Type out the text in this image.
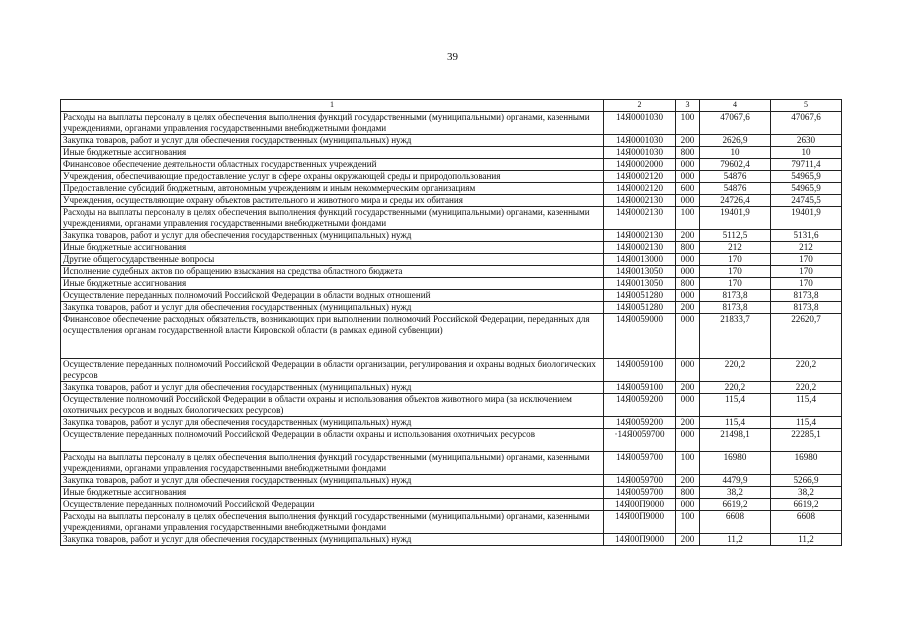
39
1	2	3	4	5
Расходы на выплаты персоналу в целях обеспечения выполнения функций государственными (муниципальными) органами, казенными учреждениями, органами управления государственными внебюджетными фондами	14Я0001030	100	47067,6	47067,6
Закупка товаров, работ и услуг для обеспечения государственных (муниципальных) нужд	14Я0001030	200	2626,9	2630
Иные бюджетные ассигнования	14Я0001030	800	10	10
Финансовое обеспечение деятельности областных государственных учреждений	14Я0002000	000	79602,4	79711,4
Учреждения, обеспечивающие предоставление услуг в сфере охраны окружающей среды и природопользования	14Я0002120	000	54876	54965,9
Предоставление субсидий бюджетным, автономным учреждениям и иным некоммерческим организациям	14Я0002120	600	54876	54965,9
Учреждения, осуществляющие охрану объектов растительного и животного мира и среды их обитания	14Я0002130	000	24726,4	24745,5
Расходы на выплаты персоналу в целях обеспечения выполнения функций государственными (муниципальными) органами, казенными учреждениями, органами управления государственными внебюджетными фондами	14Я0002130	100	19401,9	19401,9
Закупка товаров, работ и услуг для обеспечения государственных (муниципальных) нужд	14Я0002130	200	5112,5	5131,6
Иные бюджетные ассигнования	14Я0002130	800	212	212
Другие общегосударственные вопросы	14Я0013000	000	170	170
Исполнение судебных актов по обращению взыскания на средства областного бюджета	14Я0013050	000	170	170
Иные бюджетные ассигнования	14Я0013050	800	170	170
Осуществление переданных полномочий Российской Федерации в области водных отношений	14Я0051280	000	8173,8	8173,8
Закупка товаров, работ и услуг для обеспечения государственных (муниципальных) нужд	14Я0051280	200	8173,8	8173,8
Финансовое обеспечение расходных обязательств, возникающих при выполнении полномочий Российской Федерации, переданных для осуществления органам государственной власти Кировской области (в рамках единой субвенции)	14Я0059000	000	21833,7	22620,7
Осуществление переданных полномочий Российской Федерации в области организации, регулирования и охраны водных биологических ресурсов	14Я0059100	000	220,2	220,2
Закупка товаров, работ и услуг для обеспечения государственных (муниципальных) нужд	14Я0059100	200	220,2	220,2
Осуществление полномочий Российской Федерации в области охраны и использования объектов животного мира (за исключением охотничьих ресурсов и водных биологических ресурсов)	14Я0059200	000	115,4	115,4
Закупка товаров, работ и услуг для обеспечения государственных (муниципальных) нужд	14Я0059200	200	115,4	115,4
Осуществление переданных полномочий Российской Федерации в области охраны и использования охотничьих ресурсов	·14Я0059700	000	21498,1	22285,1
Расходы на выплаты персоналу в целях обеспечения выполнения функций государственными (муниципальными) органами, казенными учреждениями, органами управления государственными внебюджетными фондами	14Я0059700	100	16980	16980
Закупка товаров, работ и услуг для обеспечения государственных (муниципальных) нужд	14Я0059700	200	4479,9	5266,9
Иные бюджетные ассигнования	14Я0059700	800	38,2	38,2
Осуществление переданных полномочий Российской Федерации	14Я00П9000	000	6619,2	6619,2
Расходы на выплаты персоналу в целях обеспечения выполнения функций государственными (муниципальными) органами, казенными учреждениями, органами управления государственными внебюджетными фондами	14Я00П9000	100	6608	6608
Закупка товаров, работ и услуг для обеспечения государственных (муниципальных) нужд	14Я00П9000	200	11,2	11,2
